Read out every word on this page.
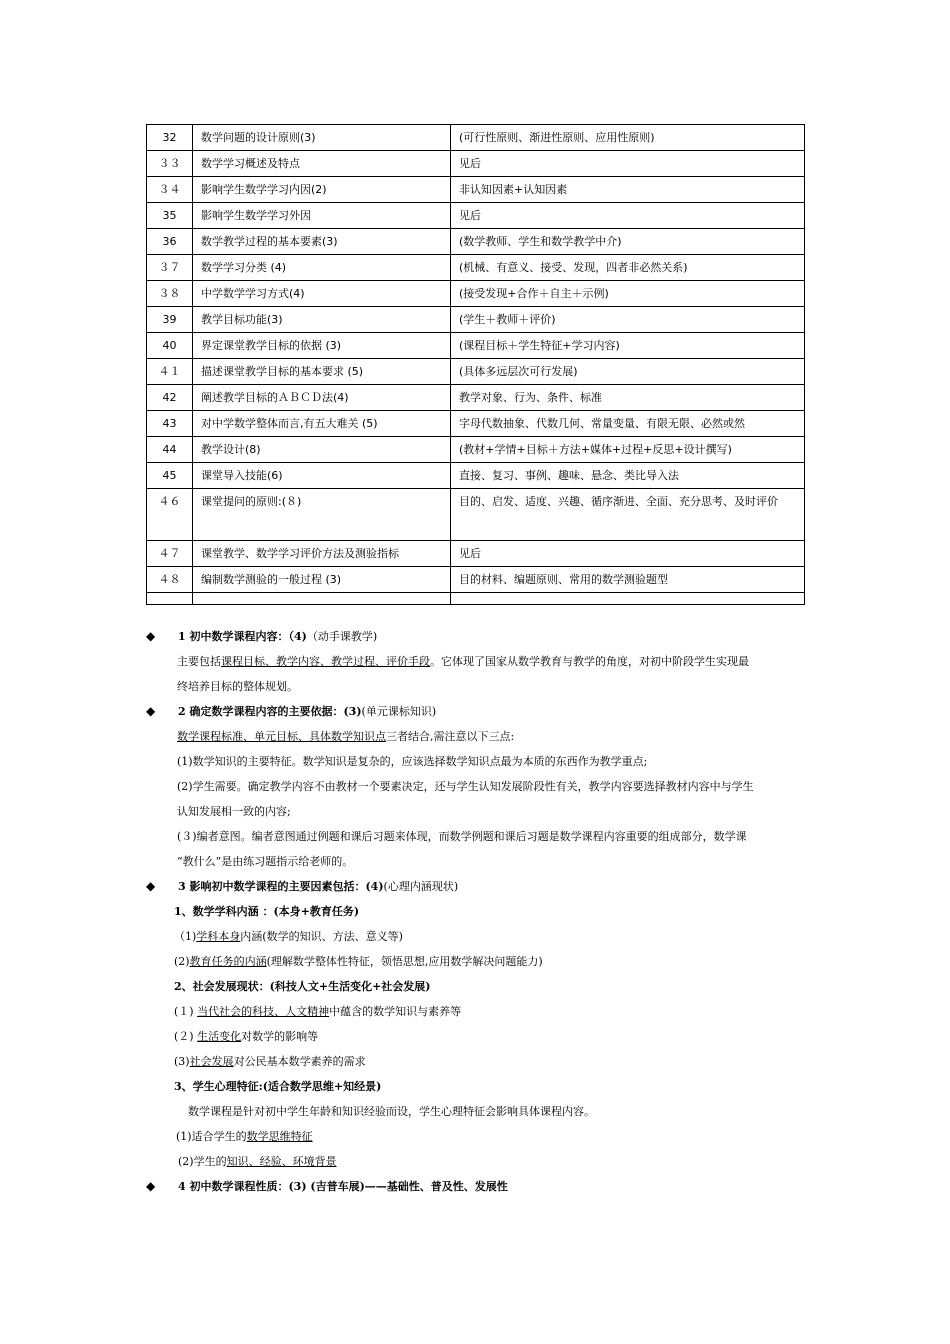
32	数学问题的设计原则(3)	(可行性原则、渐进性原则、应用性原则)
３３	数学学习概述及特点	见后
３４	影响学生数学学习内因(2)	非认知因素+认知因素
35	影响学生数学学习外因	见后
36	数学教学过程的基本要素(3)	(数学教师、学生和数学教学中介)
３７	数学学习分类 (4)	(机械、有意义、接受、发现，四者非必然关系)
３８	中学数学学习方式(4)	(接受发现+合作＋自主＋示例)
39	教学目标功能(3)	(学生＋教师＋评价)
40	界定课堂教学目标的依据 (3)	(课程目标＋学生特征+学习内容)
４１	描述课堂教学目标的基本要求 (5)	(具体多远层次可行发展)
42	阐述教学目标的ＡＢＣＤ法(4)	教学对象、行为、条件、标准
43	对中学数学整体而言,有五大难关 (5)	字母代数抽象、代数几何、常量变量、有限无限、必然或然
44	教学设计(8)	(教材+学情+目标＋方法+媒体+过程+反思+设计撰写)
45	课堂导入技能(6)	直接、复习、事例、趣味、悬念、类比导入法
４６	课堂提问的原则:(８)	目的、启发、适度、兴趣、循序渐进、全面、充分思考、及时评价
４７	课堂教学、数学学习评价方法及测验指标	见后
４８	编制数学测验的一般过程 (3)	目的材料、编题原则、常用的数学测验题型

◆ 1 初中数学课程内容：（4)（动手课教学)
主要包括课程目标、教学内容、教学过程、评价手段。它体现了国家从数学教育与教学的角度，对初中阶段学生实现最
终培养目标的整体规划。
◆ 2 确定数学课程内容的主要依据：(3)(单元课标知识)
数学课程标准、单元目标、具体数学知识点三者结合,需注意以下三点:
(1)数学知识的主要特征。数学知识是复杂的，应该选择数学知识点最为本质的东西作为教学重点;
(2)学生需要。确定教学内容不由教材一个要素决定，还与学生认知发展阶段性有关，教学内容要选择教材内容中与学生
认知发展相一致的内容;
(３)编者意图。编者意图通过例题和课后习题来体现，而数学例题和课后习题是数学课程内容重要的组成部分，数学课
“教什么”是由练习题指示给老师的。
◆ 3 影响初中数学课程的主要因素包括：(4)(心理内涵现状)
1、数学学科内涵 ：(本身+教育任务)
（1)学科本身内涵(数学的知识、方法、意义等)
(2)教育任务的内涵(理解数学整体性特征，领悟思想,应用数学解决问题能力)
2、社会发展现状：(科技人文+生活变化+社会发展)
(１) 当代社会的科技、人文精神中蕴含的数学知识与素养等
(２) 生活变化对数学的影响等
(3)社会发展对公民基本数学素养的需求
3、学生心理特征:(适合数学思维+知经景)
数学课程是针对初中学生年龄和知识经验而设，学生心理特征会影响具体课程内容。
(1)适合学生的数学思维特征
(2)学生的知识、经验、环境背景
◆ 4 初中数学课程性质：(3) (吉普车展)——基础性、普及性、发展性
